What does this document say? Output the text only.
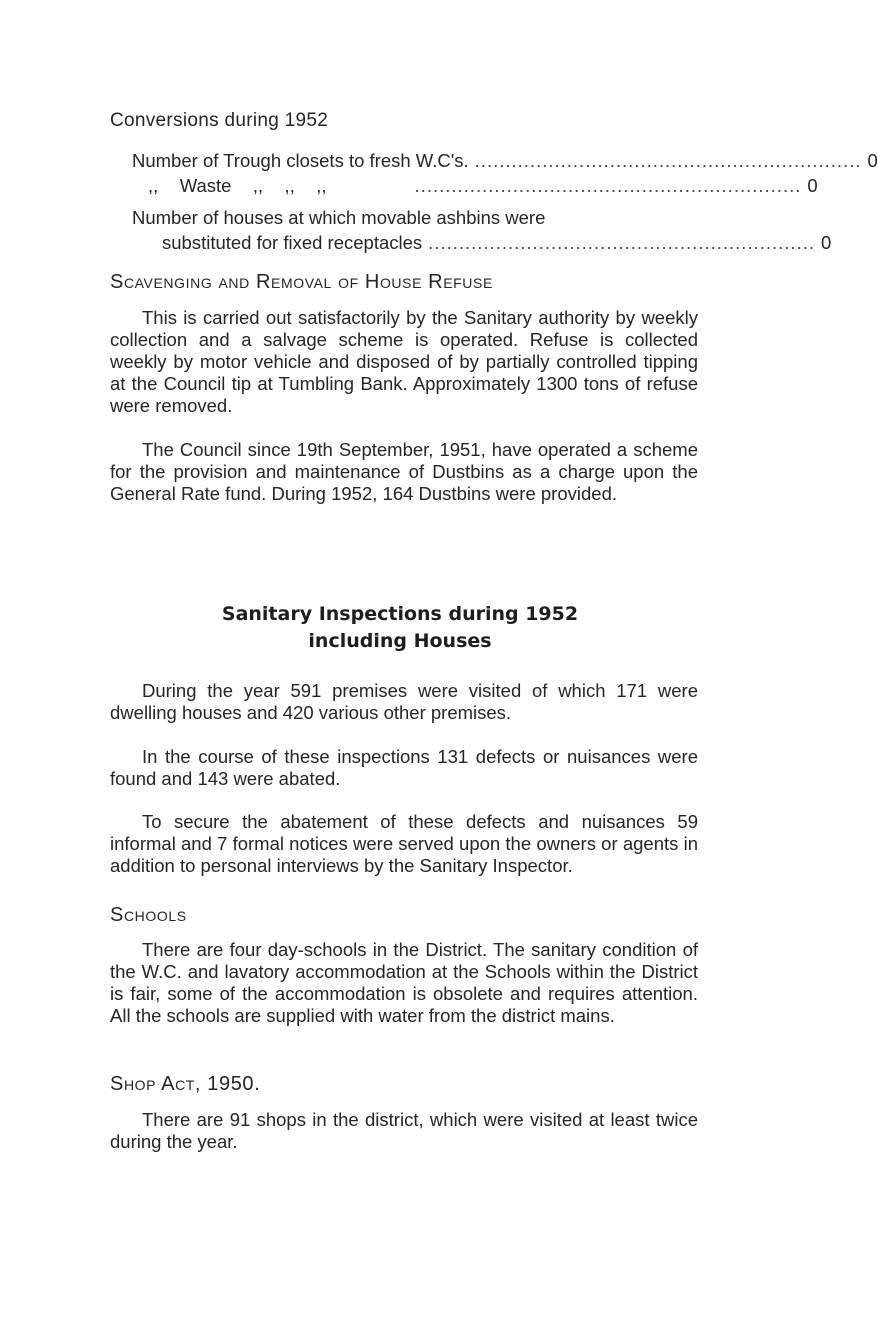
Conversions during 1952
Number of Trough closets to fresh W.C's. ............................................................... 0
,,   Waste   ,,   ,,   ,,	............................................................... 0
Number of houses at which movable ashbins were
substituted for fixed receptacles ............................................................... 0
Scavenging and Removal of House Refuse
This is carried out satisfactorily by the Sanitary authority by weekly collection and a salvage scheme is operated. Refuse is collected weekly by motor vehicle and disposed of by partially controlled tipping at the Council tip at Tumbling Bank. Approximately 1300 tons of refuse were removed.
The Council since 19th September, 1951, have operated a scheme for the provision and maintenance of Dustbins as a charge upon the General Rate fund. During 1952, 164 Dustbins were provided.
Sanitary Inspections during 1952
including Houses
During the year 591 premises were visited of which 171 were dwelling houses and 420 various other premises.
In the course of these inspections 131 defects or nuisances were found and 143 were abated.
To secure the abatement of these defects and nuisances 59 informal and 7 formal notices were served upon the owners or agents in addition to personal interviews by the Sanitary Inspector.
Schools
There are four day-schools in the District. The sanitary condition of the W.C. and lavatory accommodation at the Schools within the District is fair, some of the accommodation is obsolete and requires attention. All the schools are supplied with water from the district mains.
Shop Act, 1950.
There are 91 shops in the district, which were visited at least twice during the year.
